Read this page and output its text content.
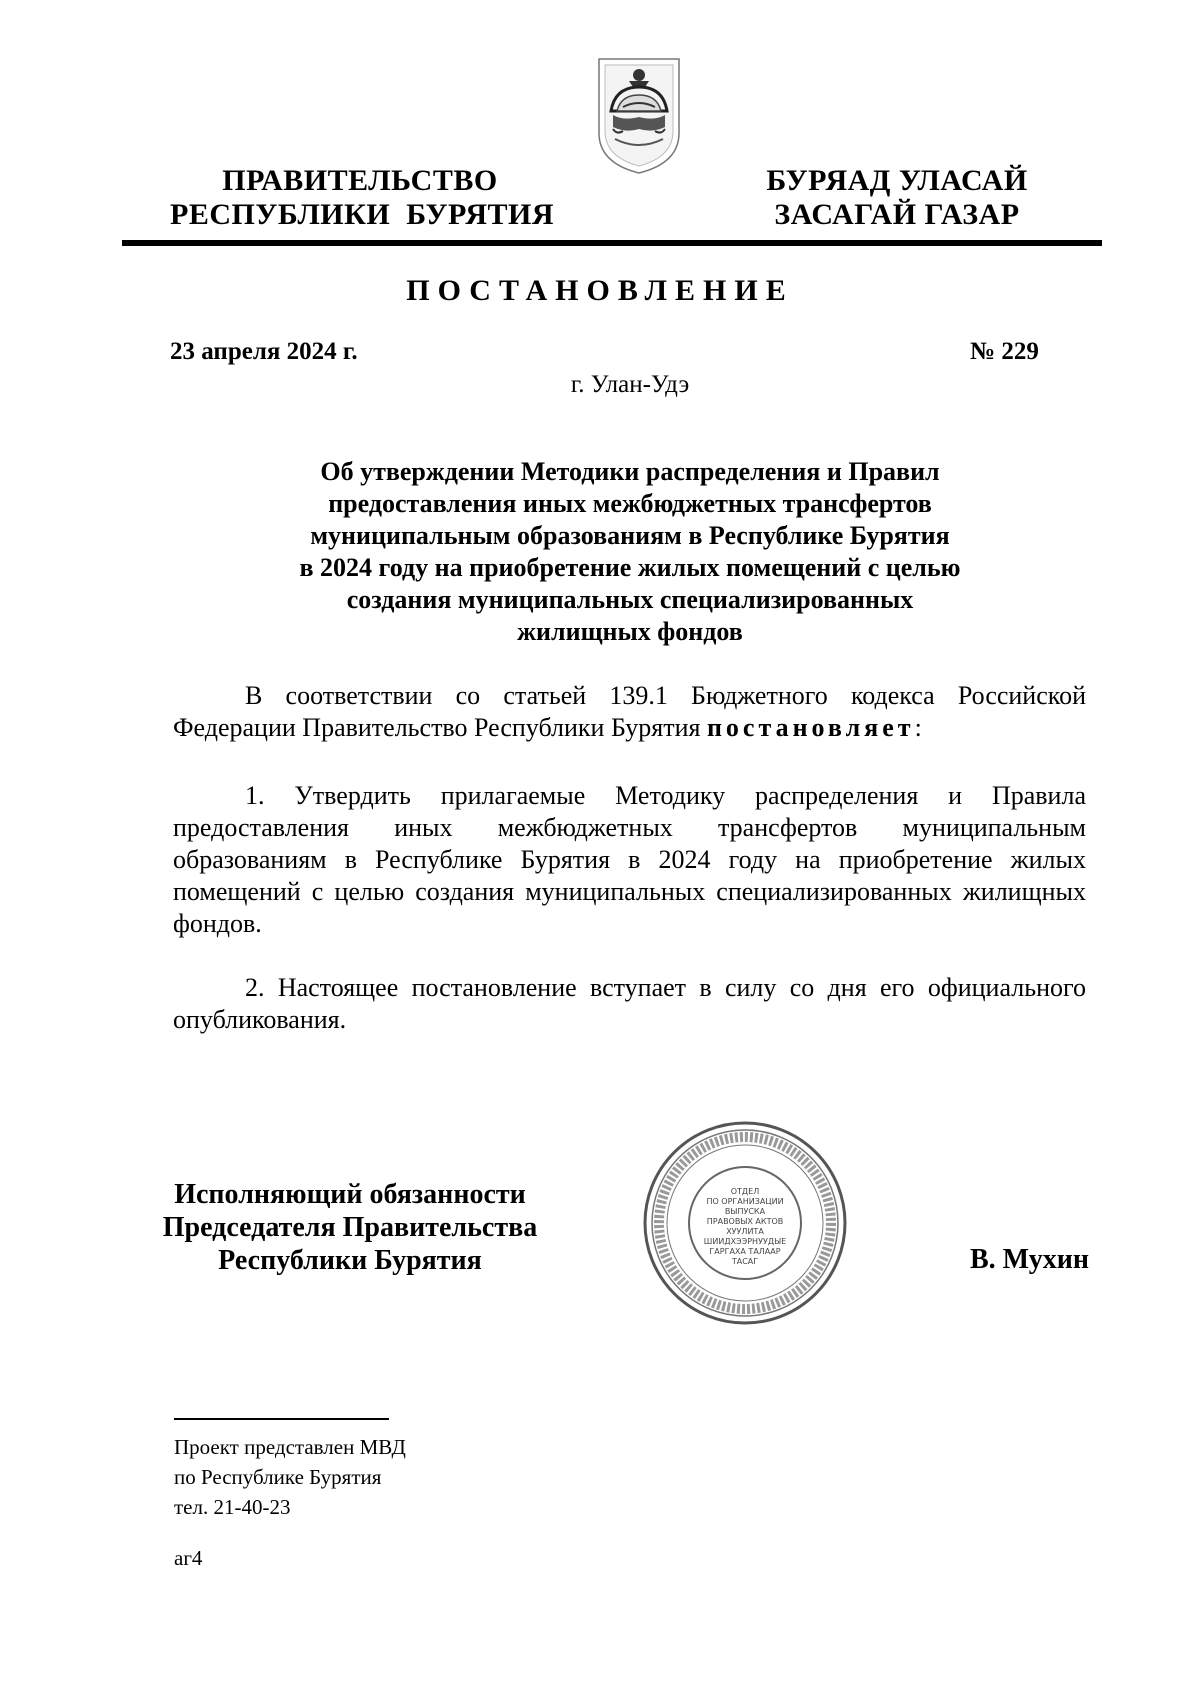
ПРАВИТЕЛЬСТВО
РЕСПУБЛИКИ  БУРЯТИЯ
БУРЯАД УЛАСАЙ
ЗАСАГАЙ ГАЗАР
ПОСТАНОВЛЕНИЕ
23 апреля 2024 г.	№ 229
г. Улан-Удэ
Об утверждении Методики распределения и Правил
предоставления иных межбюджетных трансфертов
муниципальным образованиям в Республике Бурятия
в 2024 году на приобретение жилых помещений с целью
создания муниципальных специализированных
жилищных фондов
В соответствии со статьей 139.1 Бюджетного кодекса Российской Федерации Правительство Республики Бурятия постановляет:
1. Утвердить прилагаемые Методику распределения и Правила предоставления иных межбюджетных трансфертов муниципальным образованиям в Республике Бурятия в 2024 году на приобретение жилых помещений с целью создания муниципальных специализированных жилищных фондов.
2. Настоящее постановление вступает в силу со дня его официального опубликования.
Исполняющий обязанности
Председателя Правительства
Республики Бурятия
ОТДЕЛ
ПО ОРГАНИЗАЦИИ
ВЫПУСКА
ПРАВОВЫХ АКТОВ
ХУУЛИТА
ШИИДХЭЭРНУУДЫЕ
ГАРГАХА ТАЛААР
ТАСАГ	В. Мухин
Проект представлен МВД
по Республике Бурятия
тел. 21-40-23
аг4
